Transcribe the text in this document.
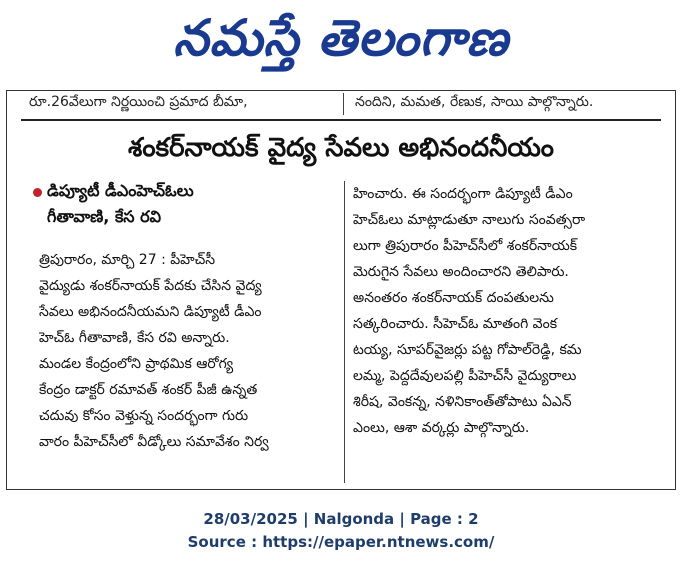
నమస్తే తెలంగాణ
రూ.26వేలుగా నిర్ణయించి ప్రమాద బీమా,	నందిని, మమత, రేణుక, సాయి పాల్గొన్నారు.
శంకర్‌నాయక్ వైద్య సేవలు అభినందనీయం
డిప్యూటీ డీఎంహెచ్‌ఓలు
గీతావాణి, కేస రవి
త్రిపురారం, మార్చి 27 : పీహెచ్‌సీ
వైద్యుడు శంకర్‌నాయక్ పేదకు చేసిన వైద్య
సేవలు అభినందనీయమని డిప్యూటీ డీఎం
హెచ్‌ఓ గీతావాణి, కేస రవి అన్నారు.
మండల కేంద్రంలోని ప్రాథమిక ఆరోగ్య
కేంద్రం డాక్టర్ రమావత్ శంకర్ పీజీ ఉన్నత
చదువు కోసం వెళ్తున్న సందర్భంగా గురు
వారం పీహెచ్‌సీలో వీడ్కోలు సమావేశం నిర్వ
హించారు. ఈ సందర్భంగా డిప్యూటీ డీఎం
హెచ్‌ఓలు మాట్లాడుతూ నాలుగు సంవత్సరా
లుగా త్రిపురారం పీహెచ్‌సీలో శంకర్‌నాయక్
మెరుగైన సేవలు అందించారని తెలిపారు.
అనంతరం శంకర్‌నాయక్ దంపతులను
సత్కరించారు. సీహెచ్‌ఓ మాతంగి వెంక
టయ్య, సూపర్‌వైజర్లు పట్ట గోపాల్‌రెడ్డి, కమ
లమ్మ, పెద్దదేవులపల్లి పీహెచ్‌సీ వైద్యురాలు
శిరీష, వెంకన్న, నళినికాంత్‌తోపాటు ఏఎన్
ఎంలు, ఆశా వర్కర్లు పాల్గొన్నారు.
28/03/2025 | Nalgonda | Page : 2
Source : https://epaper.ntnews.com/
